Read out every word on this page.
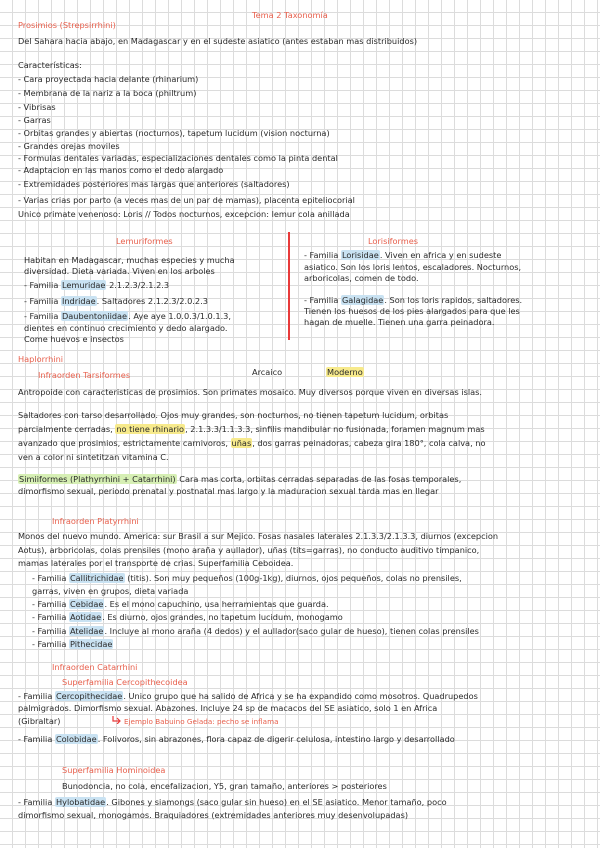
Tema 2 Taxonomía
Prosimios (Strepsirrhini)
Del Sahara hacia abajo, en Madagascar y en el sudeste asiatico (antes estaban mas distribuidos)
Características:
- Cara proyectada hacia delante (rhinarium)
- Membrana de la nariz a la boca (philtrum)
- Vibrisas
- Garras
- Orbitas grandes y abiertas (nocturnos), tapetum lucidum (vision nocturna)
- Grandes orejas moviles
- Formulas dentales variadas, especializaciones dentales como la pinta dental
- Adaptacion en las manos como el dedo alargado
- Extremidades posteriores mas largas que anteriores (saltadores)
- Varias crias por parto (a veces mas de un par de mamas), placenta epiteliocorial
Unico primate venenoso: Loris // Todos nocturnos, excepcion: lemur cola anillada
Lemuriformes
Habitan en Madagascar, muchas especies y mucha
diversidad. Dieta variada. Viven en los arboles
- Familia Lemuridae 2.1.2.3/2.1.2.3
- Familia Indridae. Saltadores 2.1.2.3/2.0.2.3
- Familia Daubentoniidae. Aye aye 1.0.0.3/1.0.1.3,
dientes en continuo crecimiento y dedo alargado.
Come huevos e insectos
Lorisiformes
- Familia Lorisidae. Viven en africa y en sudeste
asiatico. Son los loris lentos, escaladores. Nocturnos,
arboricolas, comen de todo.
- Familia Galagidae. Son los loris rapidos, saltadores.
Tienen los huesos de los pies alargados para que les
hagan de muelle. Tienen una garra peinadora.
Haplorrhini
Infraorden Tarsiformes	Arcaico	Moderno
Antropoide con caracteristicas de prosimios. Son primates mosaico. Muy diversos porque viven en diversas islas.
Saltadores con tarso desarrollado. Ojos muy grandes, son nocturnos, no tienen tapetum lucidum, orbitas
parcialmente cerradas, no tiene rhinario, 2.1.3.3/1.1.3.3, sinfilis mandibular no fusionada, foramen magnum mas
avanzado que prosimios, estrictamente carnivoros, uñas, dos garras peinadoras, cabeza gira 180°, cola calva, no
ven a color ni sintetitzan vitamina C.
Simiiformes (Plathyrrhini + Catarrhini) Cara mas corta, orbitas cerradas separadas de las fosas temporales,
dimorfismo sexual, periodo prenatal y postnatal mas largo y la maduracion sexual tarda mas en llegar
Infraorden Platyrrhini
Monos del nuevo mundo. America: sur Brasil a sur Mejico. Fosas nasales laterales 2.1.3.3/2.1.3.3, diurnos (excepcion
Aotus), arboricolas, colas prensiles (mono araña y aullador), uñas (tits=garras), no conducto auditivo timpanico,
mamas laterales por el transporte de crias. Superfamilia Ceboidea.
- Familia Callitrichidae (titis). Son muy pequeños (100g-1kg), diurnos, ojos pequeños, colas no prensiles,
garras, viven en grupos, dieta variada
- Familia Cebidae. Es el mono capuchino, usa herramientas que guarda.
- Familia Aotidae. Es diurno, ojos grandes, no tapetum lucidum, monogamo
- Familia Atelidae. Incluye al mono araña (4 dedos) y el aullador(saco gular de hueso), tienen colas prensiles
- Familia Pithecidae
Infraorden Catarrhini
Superfamilia Cercopithecoidea
- Familia Cercopithecidae. Unico grupo que ha salido de Africa y se ha expandido como mosotros. Quadrupedos
palmigrados. Dimorfismo sexual. Abazones. Incluye 24 sp de macacos del SE asiatico, solo 1 en Africa
(Gibraltar)	Ejemplo Babuino Gelada: pecho se inflama
- Familia Colobidae. Folivoros, sin abrazones, flora capaz de digerir celulosa, intestino largo y desarrollado
Superfamilia Hominoidea
Bunodoncia, no cola, encefalizacion, Y5, gran tamaño, anteriores > posteriores
- Familia Hylobatidae. Gibones y siamongs (saco gular sin hueso) en el SE asiatico. Menor tamaño, poco
dimorfismo sexual, monogamos. Braquiadores (extremidades anteriores muy desenvolupadas)
